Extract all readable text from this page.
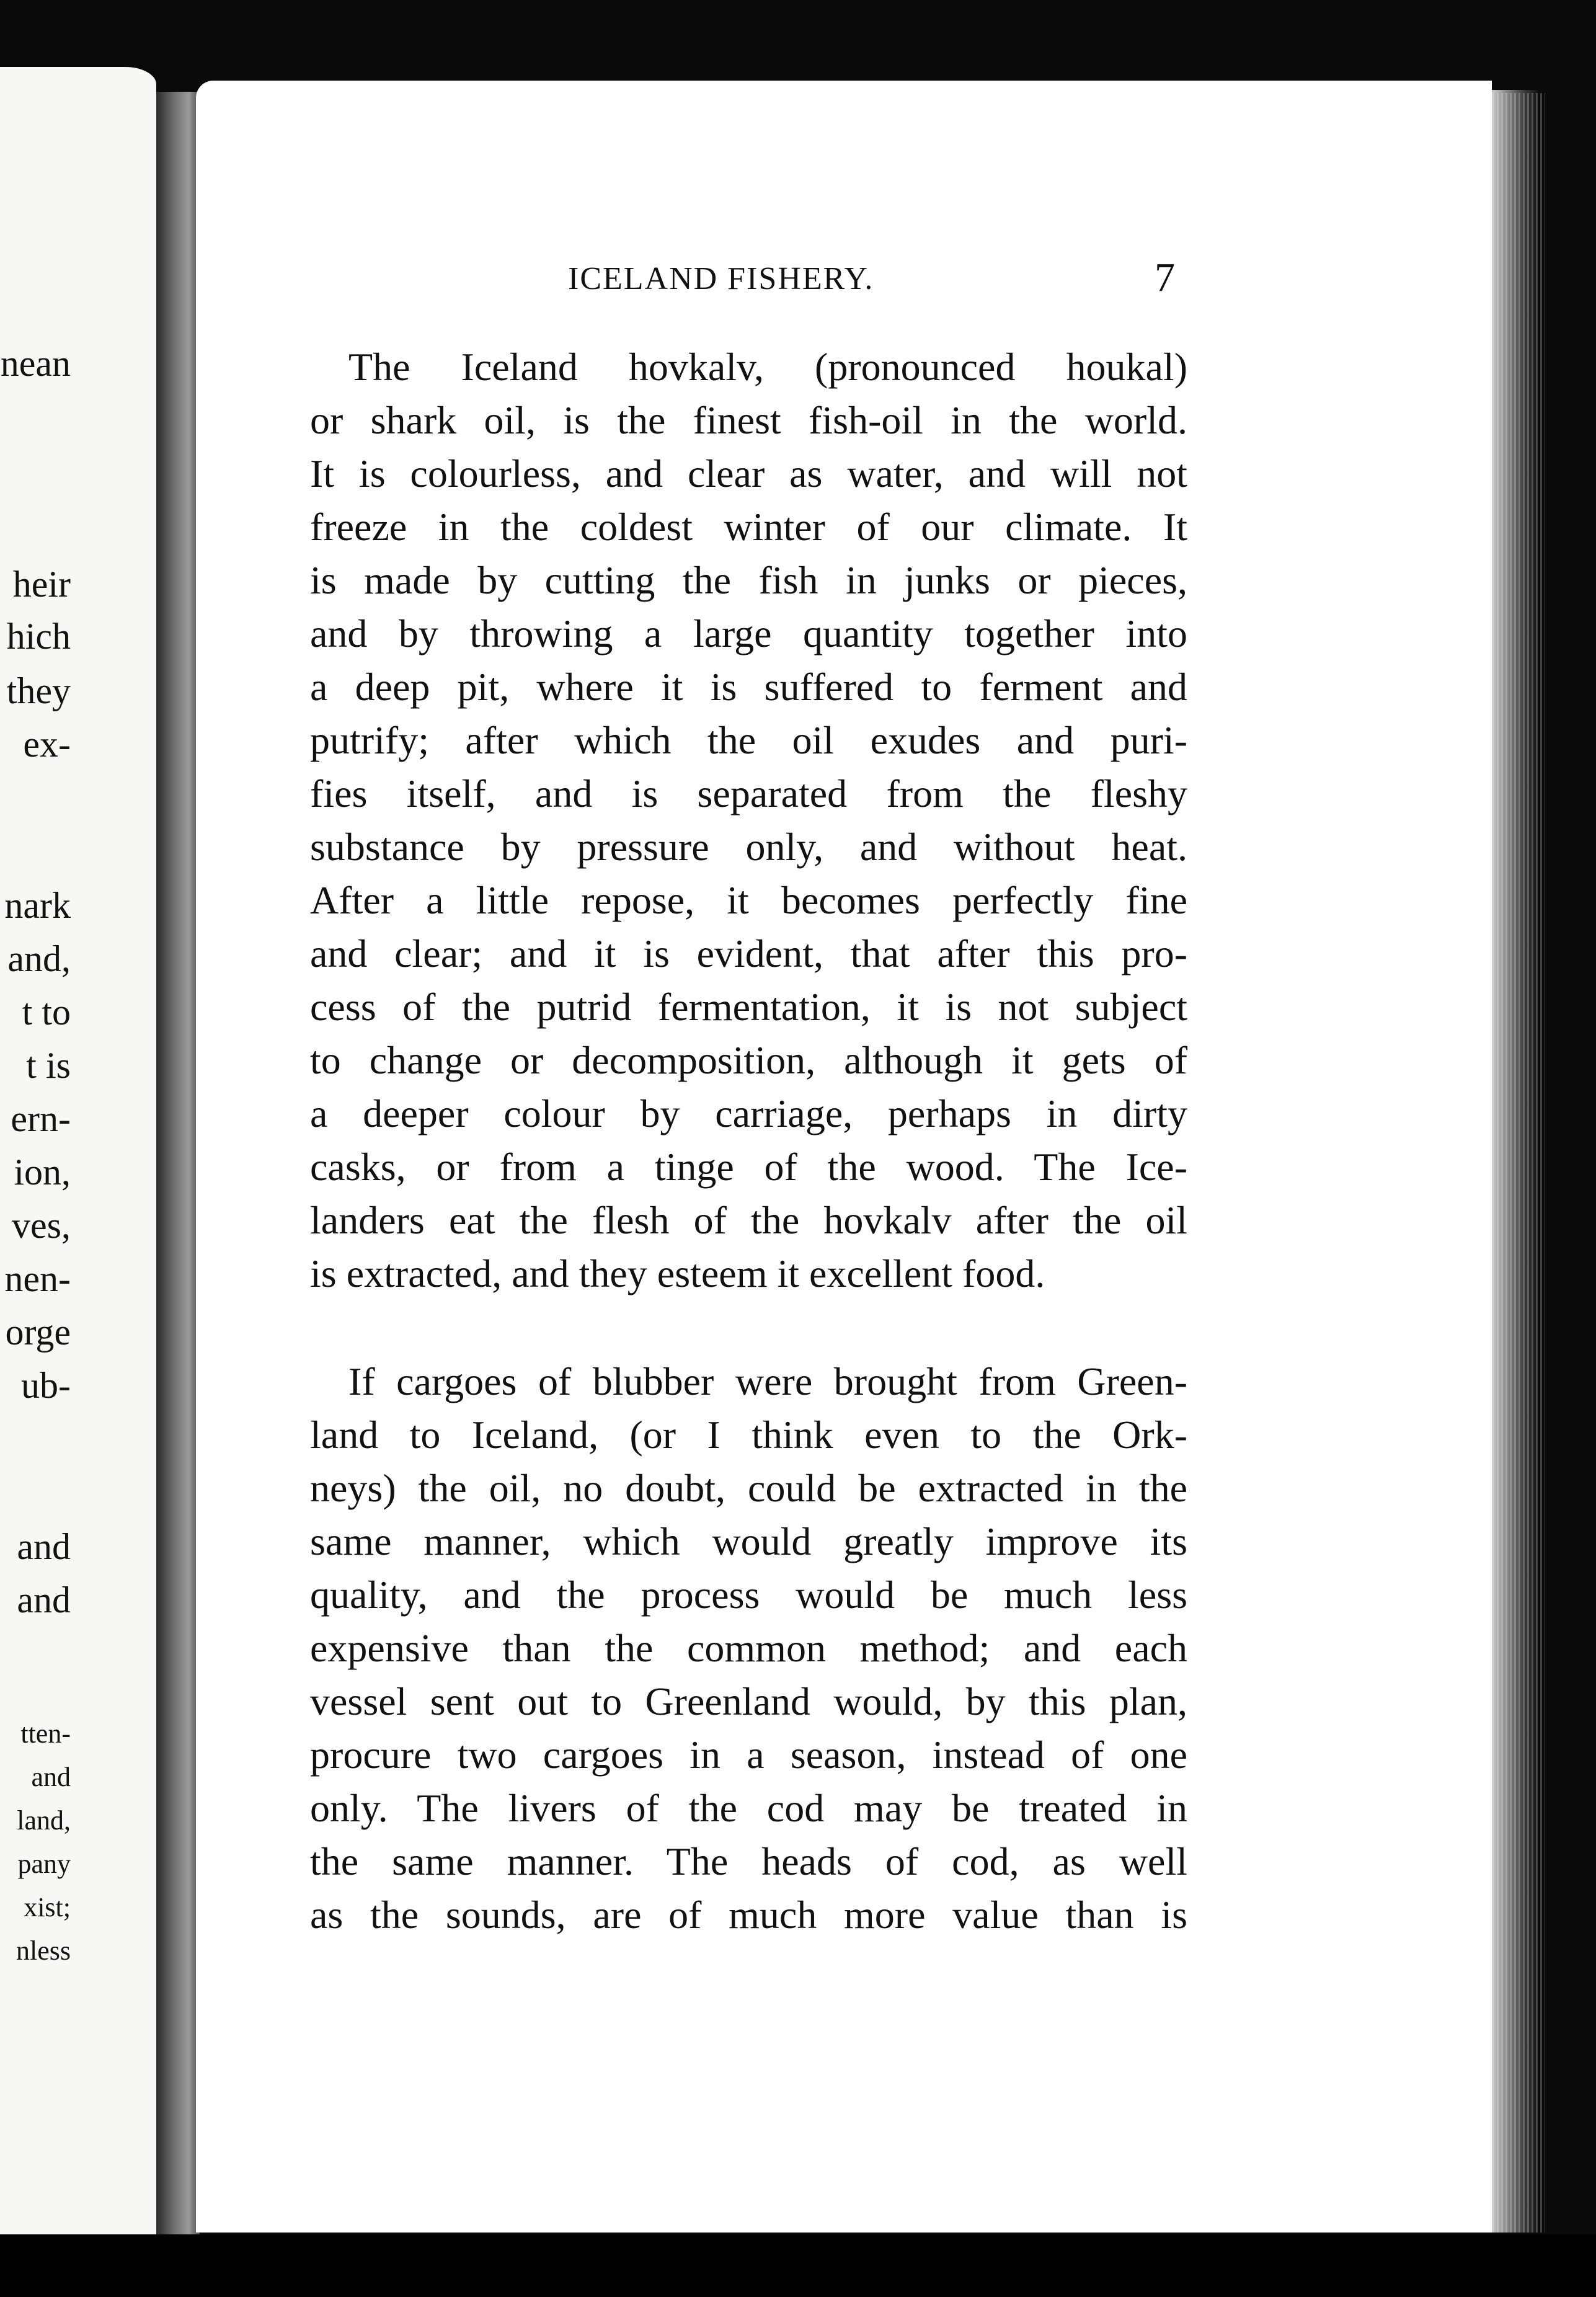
nean
heir
hich
they
ex-
nark
and,
t to
t is
ern-
ion,
ves,
nen-
orge
ub-
and
and
tten-
and
land,
pany
xist;
nless
ICELAND FISHERY.	7
The Iceland hovkalv, (pronounced houkal)
or shark oil, is the finest fish-oil in the world.
It is colourless, and clear as water, and will not
freeze in the coldest winter of our climate. It
is made by cutting the fish in junks or pieces,
and by throwing a large quantity together into
a deep pit, where it is suffered to ferment and
putrify; after which the oil exudes and puri-
fies itself, and is separated from the fleshy
substance by pressure only, and without heat.
After a little repose, it becomes perfectly fine
and clear; and it is evident, that after this pro-
cess of the putrid fermentation, it is not subject
to change or decomposition, although it gets of
a deeper colour by carriage, perhaps in dirty
casks, or from a tinge of the wood. The Ice-
landers eat the flesh of the hovkalv after the oil
is extracted, and they esteem it excellent food.
If cargoes of blubber were brought from Green-
land to Iceland, (or I think even to the Ork-
neys) the oil, no doubt, could be extracted in the
same manner, which would greatly improve its
quality, and the process would be much less
expensive than the common method; and each
vessel sent out to Greenland would, by this plan,
procure two cargoes in a season, instead of one
only. The livers of the cod may be treated in
the same manner. The heads of cod, as well
as the sounds, are of much more value than is
